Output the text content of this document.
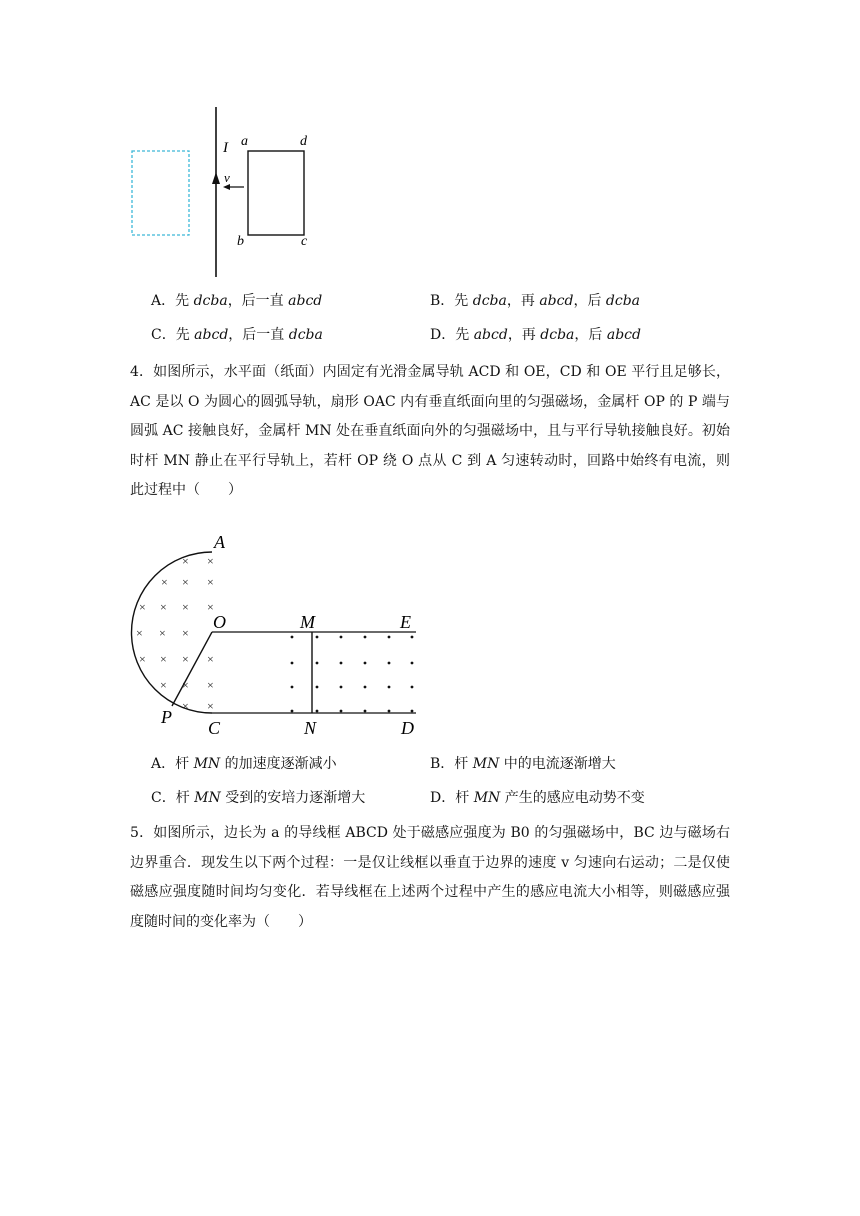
I
v
a	d
b	c
A．先 dcba，后一直 abcd	B．先 dcba，再 abcd，后 dcba
C．先 abcd，后一直 dcba	D．先 abcd，再 dcba，后 abcd
4．如图所示，水平面（纸面）内固定有光滑金属导轨 ACD 和 OE，CD 和 OE 平行且足够长，AC 是以 O 为圆心的圆弧导轨，扇形 OAC 内有垂直纸面向里的匀强磁场，金属杆 OP 的 P 端与圆弧 AC 接触良好，金属杆 MN 处在垂直纸面向外的匀强磁场中，且与平行导轨接触良好。初始时杆 MN 静止在平行导轨上，若杆 OP 绕 O 点从 C 到 A 匀速转动时，回路中始终有电流，则此过程中（　　）
× ×
× × ×
× × × ×
× × ×
× × × ×
× × ×
× ×
A
O	M	E
P
C	N	D
A．杆 MN 的加速度逐渐减小	B．杆 MN 中的电流逐渐增大
C．杆 MN 受到的安培力逐渐增大	D．杆 MN 产生的感应电动势不变
5．如图所示，边长为 a 的导线框 ABCD 处于磁感应强度为 B0 的匀强磁场中，BC 边与磁场右边界重合．现发生以下两个过程：一是仅让线框以垂直于边界的速度 v 匀速向右运动；二是仅使磁感应强度随时间均匀变化．若导线框在上述两个过程中产生的感应电流大小相等，则磁感应强度随时间的变化率为（　　）
